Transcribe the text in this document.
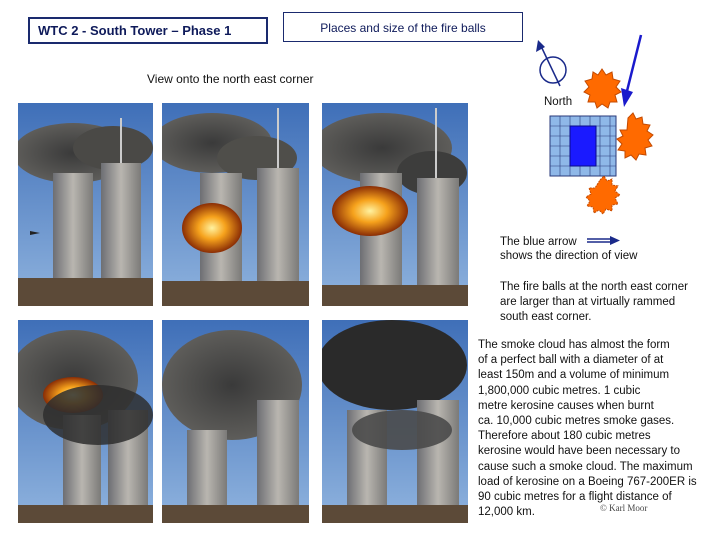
WTC 2 - South Tower – Phase 1	Places and size of the fire balls
View onto the north east corner
North
The blue arrow
shows the direction of view
The fire balls at the north east corner
are larger than at virtually rammed
south east corner.
The smoke cloud has almost the form
of a perfect ball with a diameter of at
least 150m and a volume of minimum
1,800,000 cubic metres. 1 cubic
metre kerosine causes when burnt
ca. 10,000 cubic metres smoke gases.
Therefore about 180 cubic metres
kerosine would have been necessary to
cause such a smoke cloud. The maximum
load of kerosine on a Boeing 767-200ER is
90 cubic metres for a flight distance of
12,000 km.	© Karl Moor
